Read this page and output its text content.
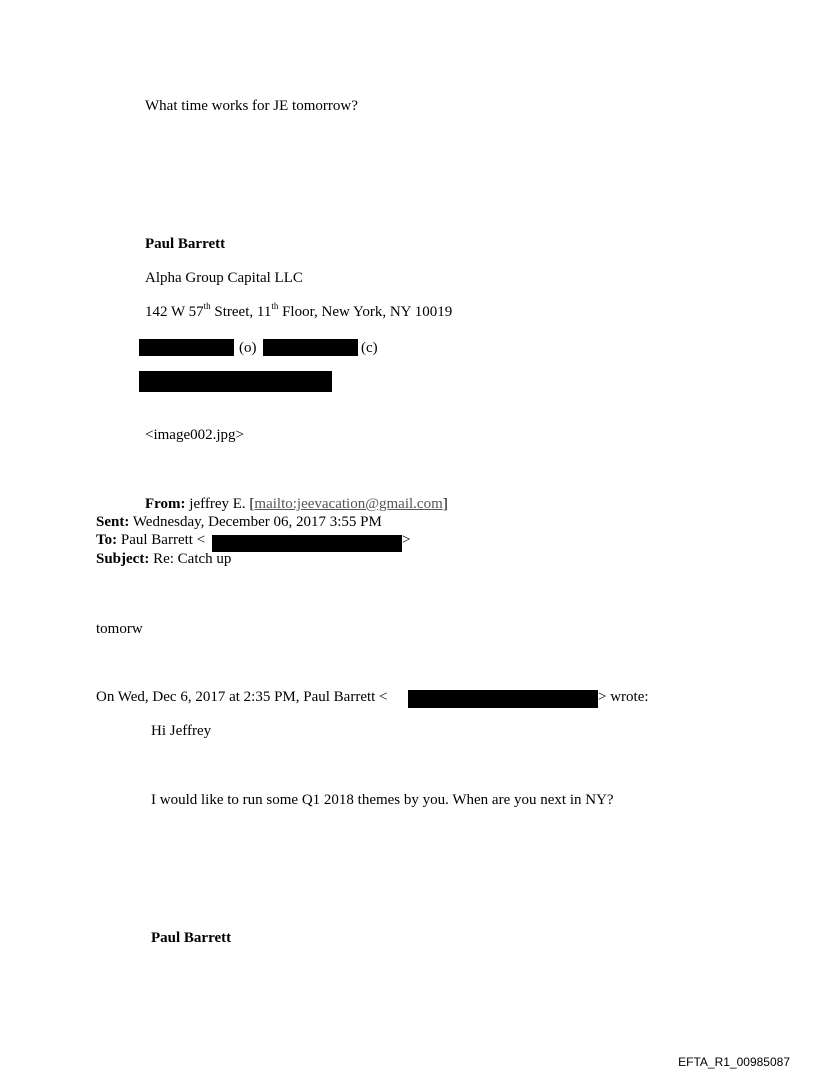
What time works for JE tomorrow?
Paul Barrett
Alpha Group Capital LLC
142 W 57th Street, 11th Floor, New York, NY 10019
(o)	(c)
<image002.jpg>
From: jeffrey E. [mailto:jeevacation@gmail.com]
Sent: Wednesday, December 06, 2017 3:55 PM
To: Paul Barrett <	>
Subject: Re: Catch up
tomorw
On Wed, Dec 6, 2017 at 2:35 PM, Paul Barrett <	> wrote:
Hi Jeffrey
I would like to run some Q1 2018 themes by you. When are you next in NY?
Paul Barrett
EFTA_R1_00985087
